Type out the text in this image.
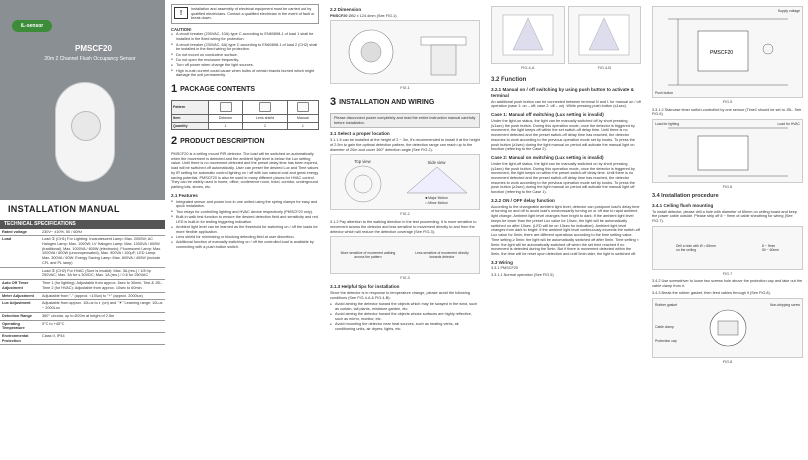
iL-sensor
PMSCF20
20m 2 Channel Flush Occupancy Sensor
INSTALLATION MANUAL
TECHNICAL SPECIFICATIONS
Rated voltage	230V~ ±10%, 50 / 60Hz
Load	Load ① (CH1) For Lighting: Incandescent Lamp: Max. 2000W; AC Halogen Lamp: Max. 1000W; LV Halogen Lamp: Max. 1000VA / 600W (traditional), Max. 1000VA / 600W (electronic); Fluorescent Lamp: Max. 1000VA / 600W (uncompensated), Max. 900VA / 100μF; LED Lamp: Max. 300VA / 60W; Energy Saving Lamp: Max. 600VA / 400W (include CFL and PL lamp)
	Load ② (CH2) For HVAC (Sure is invalid): Max. 3A (res.) / 1/8 hp 250VAC; Max. 3A for ≤ 30VDC; Max. 1A (res.) / 0.6 for 250VAC
Auto Off Timer Adjustment	Time 1 (for lighting): Adjustable from approx. 5sec to 30min, Test & JSL. Time 2 (for HVAC): Adjustable from approx. 10sec to 60min
Meter Adjustment	Adjustable from "-" (approx. <10lux) to "+" (approx. 2000lux)
Lux Adjustment	Adjustable from approx. 10Lux to ◐ (on) and "☀" Learning range: 10Lux ~ 2000Lux
Detection Range	360° circular, up to Ø20m at height of 2.5m
Operating Temperature	0°C to +45°C
Environmental Protection	Class II, IP44
!
Installation and assembly of electrical equipment must be carried out by qualified electricians. Contact a qualified electrician in the event of fault or break down.
CAUTION!
● A circuit breaker (230VAC, 10A) type C according to EN60898-1 of load 1 shall be installed in the fixed wiring for protection.
● A circuit breaker (230VAC, 6A) type C according to EN60898-1 of load 2 (CH2) shall be installed in the fixed wiring for protection.
● Do not mount on conductive surface.
● Do not open the enclosure frequently.
● Turn off power when change the light sources.
● High in-rush current could cause when bulbs of certain brands burned which might damage the unit permanently.
1 PACKAGE CONTENTS
Pattern			
Item	Detector	Lens shield	Manual
Quantity	1	2	1
2 PRODUCT DESCRIPTION
PMSCF20 is a ceiling mount PIR detector. The load will be switched on automatically when the movement is detected and the ambient light level is below the Lux setting value. Until there is no movement detected and the preset delay time has been expired, load will be switched off automatically. User can preset the desired Lux and Time values by IR setting for automatic control lighting on / off with low natural cost and great energy saving potential. PMSCF20 is also be used in many different places for HVAC control. They can be widely used in home, office, conference room, hotel, corridor, underground parking lots, stores, etc.
2.1 Features
● Integrated sensor and power box in one united using the spring clamps for easy and quick installation.
● Two relays for controlling lighting and HVAC device respectively (PMSCF20 only).
● Built-in walk test function to ensure the desired detection field and sensitivity and red LED is built-in for testing triggering indication.
● Ambient light level can be learned as the threshold for switching on / off the loads for more flexible application.
● Lens shield for minimizing or blocking detecting field at user discretion.
● Additional function of manually switching on / off the controlled load is available by connecting with a push button switch.
2.2 Dimension
PMSCF20 Ø82 x 124.4mm (See FIG.1)
FIG.1
3 INSTALLATION AND WIRING
Please disconnect power completely and read the entire instruction manual carefully before installation.
3.1 Select a proper location
3.1.1 It can be installed at the height of 2 ~ 3m, it's recommended to install it at the height of 2.5m to gain the optimal detection pattern, the detection range can reach up to the diameter of 20m and cover 360° detection angle (See FIG.2).
Top view	Side view
■ Major Motion
□ Minor Motion
FIG.2
3.1.2 Pay attention to the walking direction in the test proceeding. It is more sensitive to movement across the detector and less sensitive to movement directly to and from the detector which will reduce the detection coverage (See FIG.3).
More sensitive of movement walking across the pattern
Less sensitive of movement directly towards detector
FIG.3
3.1.3 Helpful tips for installation
Since the detector is in response to temperature change, please avoid the following conditions (See FIG.4-A & FIG.4-B):
● Avoid aiming the detector toward the objects which may be swayed in the wind, such as curtain, tall plants, miniature garden, etc.
● Avoid aiming the detector toward the objects whose surfaces are highly reflective, such as mirror, monitor, etc.
● Avoid mounting the detector near heat sources, such as heating vents, air conditioning units, air dryers, lights, etc.
FIG.4-A	FIG.4-B
3.2 Function
3.2.1 Manual on / off switching by using push button to activate & terminal
An additional push button can be connected between terminal N and L for manual on / off operation (case 1: on – off; case 2: off – on). While pressing push button (≤1sec).
Case 1: Manual off switching (Lux setting is invalid)
Under the light-on status, the light can be manually switched off by short pressing (≤1sec) the push button. During this operation mode, once the detector is triggered by movement, the light keeps off within the set switch-off delay time. Until there is no movement detected and the preset switch-off delay time has reached, the detector resumes to work according to the previous operation mode set by knobs. To press the push button (≥1sec) during the light manual on period will activate the manual light on function (referring to the Case 2).
Case 2: Manual on switching (Lux setting is invalid)
Under the light-off status, the light can be manually switched on by short pressing (≤1sec) the push button. During this operation mode, once the detector is triggered by movement, the light keeps on within the preset switch-off delay time. Until there is no movement detected and the preset switch-off delay time has reached, the detector resumes to work according to the previous operation mode set by knobs. To press the push button (≥1sec) during the light manual on period will activate the manual light off function (referring to the Case 1).
3.2.2 ON / OFF delay function
According to the changeable ambient light level, detector can postpone load's delay time of turning on and off to avoid load's unnecessarily turning on or off due to rapid ambient light change. Ambient light level changes from bright to dark: If the ambient light level keeps be lower than the preset Lux value for 10sec, the light will be automatically switched on after 10sec. (LED will be on 10sec for indication). Ambient light level changes from dark to bright: If the ambient light level continuously exceeds the switch-off Lux value for 5min, there are different operations according to the time setting value. Time setting ≥ 5min: the light will be automatically switched off after 5min. Time setting < 5min: the light will be automatically switched off when the set time reached if no movement is detected during the 5min. But if there is movement detected within the 5min, the time will be reset upon detection and until 5min later, the light is switched off.
3.3 Wiring
3.3.1 PMSCF20
3.3.1.1 Normal operation (See FIG.5)
PMSCF20
Push button
Supply voltage
FIG.5
3.3.1.2 Staircase timer switch-controlled by one sensor (Time1 should be set to JSL. See FIG.6)
Load for lighting	Load for HVAC
FIG.6
3.4 Installation procedure
3.4.1 Ceiling flush mounting
To install detector, please drill a hole with diameter of 65mm on ceiling board and keep the power cable outside. Please strip off 8 ~ 9mm of cable sheathing for wiring (See FIG.7).
Drill a hole with Ø = 65mm on the ceiling
8 ~ 9mm
50 ~ 60mm
FIG.7
3.4.2 Use screwdriver to loose two screws hole above the protection cap and take out the cable clamp from it.
3.4.3 Break the rubber gasket, then feed cables through it (See FIG.8).
Rubber gasket	Non-stripping screw
Cable clamp
Protection cap
FIG.8
